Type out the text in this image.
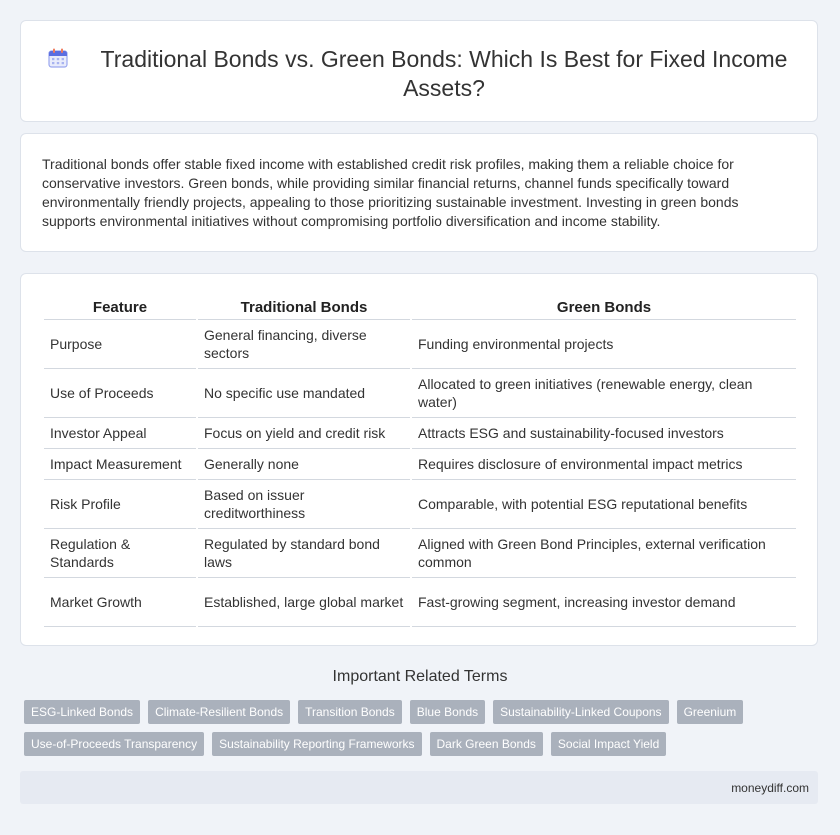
Traditional Bonds vs. Green Bonds: Which Is Best for Fixed Income Assets?

Traditional bonds offer stable fixed income with established credit risk profiles, making them a reliable choice for conservative investors. Green bonds, while providing similar financial returns, channel funds specifically toward environmentally friendly projects, appealing to those prioritizing sustainable investment. Investing in green bonds supports environmental initiatives without compromising portfolio diversification and income stability.

Feature	Traditional Bonds	Green Bonds
Purpose	General financing, diverse sectors	Funding environmental projects
Use of Proceeds	No specific use mandated	Allocated to green initiatives (renewable energy, clean water)
Investor Appeal	Focus on yield and credit risk	Attracts ESG and sustainability-focused investors
Impact Measurement	Generally none	Requires disclosure of environmental impact metrics
Risk Profile	Based on issuer creditworthiness	Comparable, with potential ESG reputational benefits
Regulation & Standards	Regulated by standard bond laws	Aligned with Green Bond Principles, external verification common
Market Growth	Established, large global market	Fast-growing segment, increasing investor demand
Important Related Terms
ESG-Linked Bonds	Climate-Resilient Bonds	Transition Bonds	Blue Bonds	Sustainability-Linked Coupons	Greenium
Use-of-Proceeds Transparency	Sustainability Reporting Frameworks	Dark Green Bonds	Social Impact Yield
moneydiff.com
